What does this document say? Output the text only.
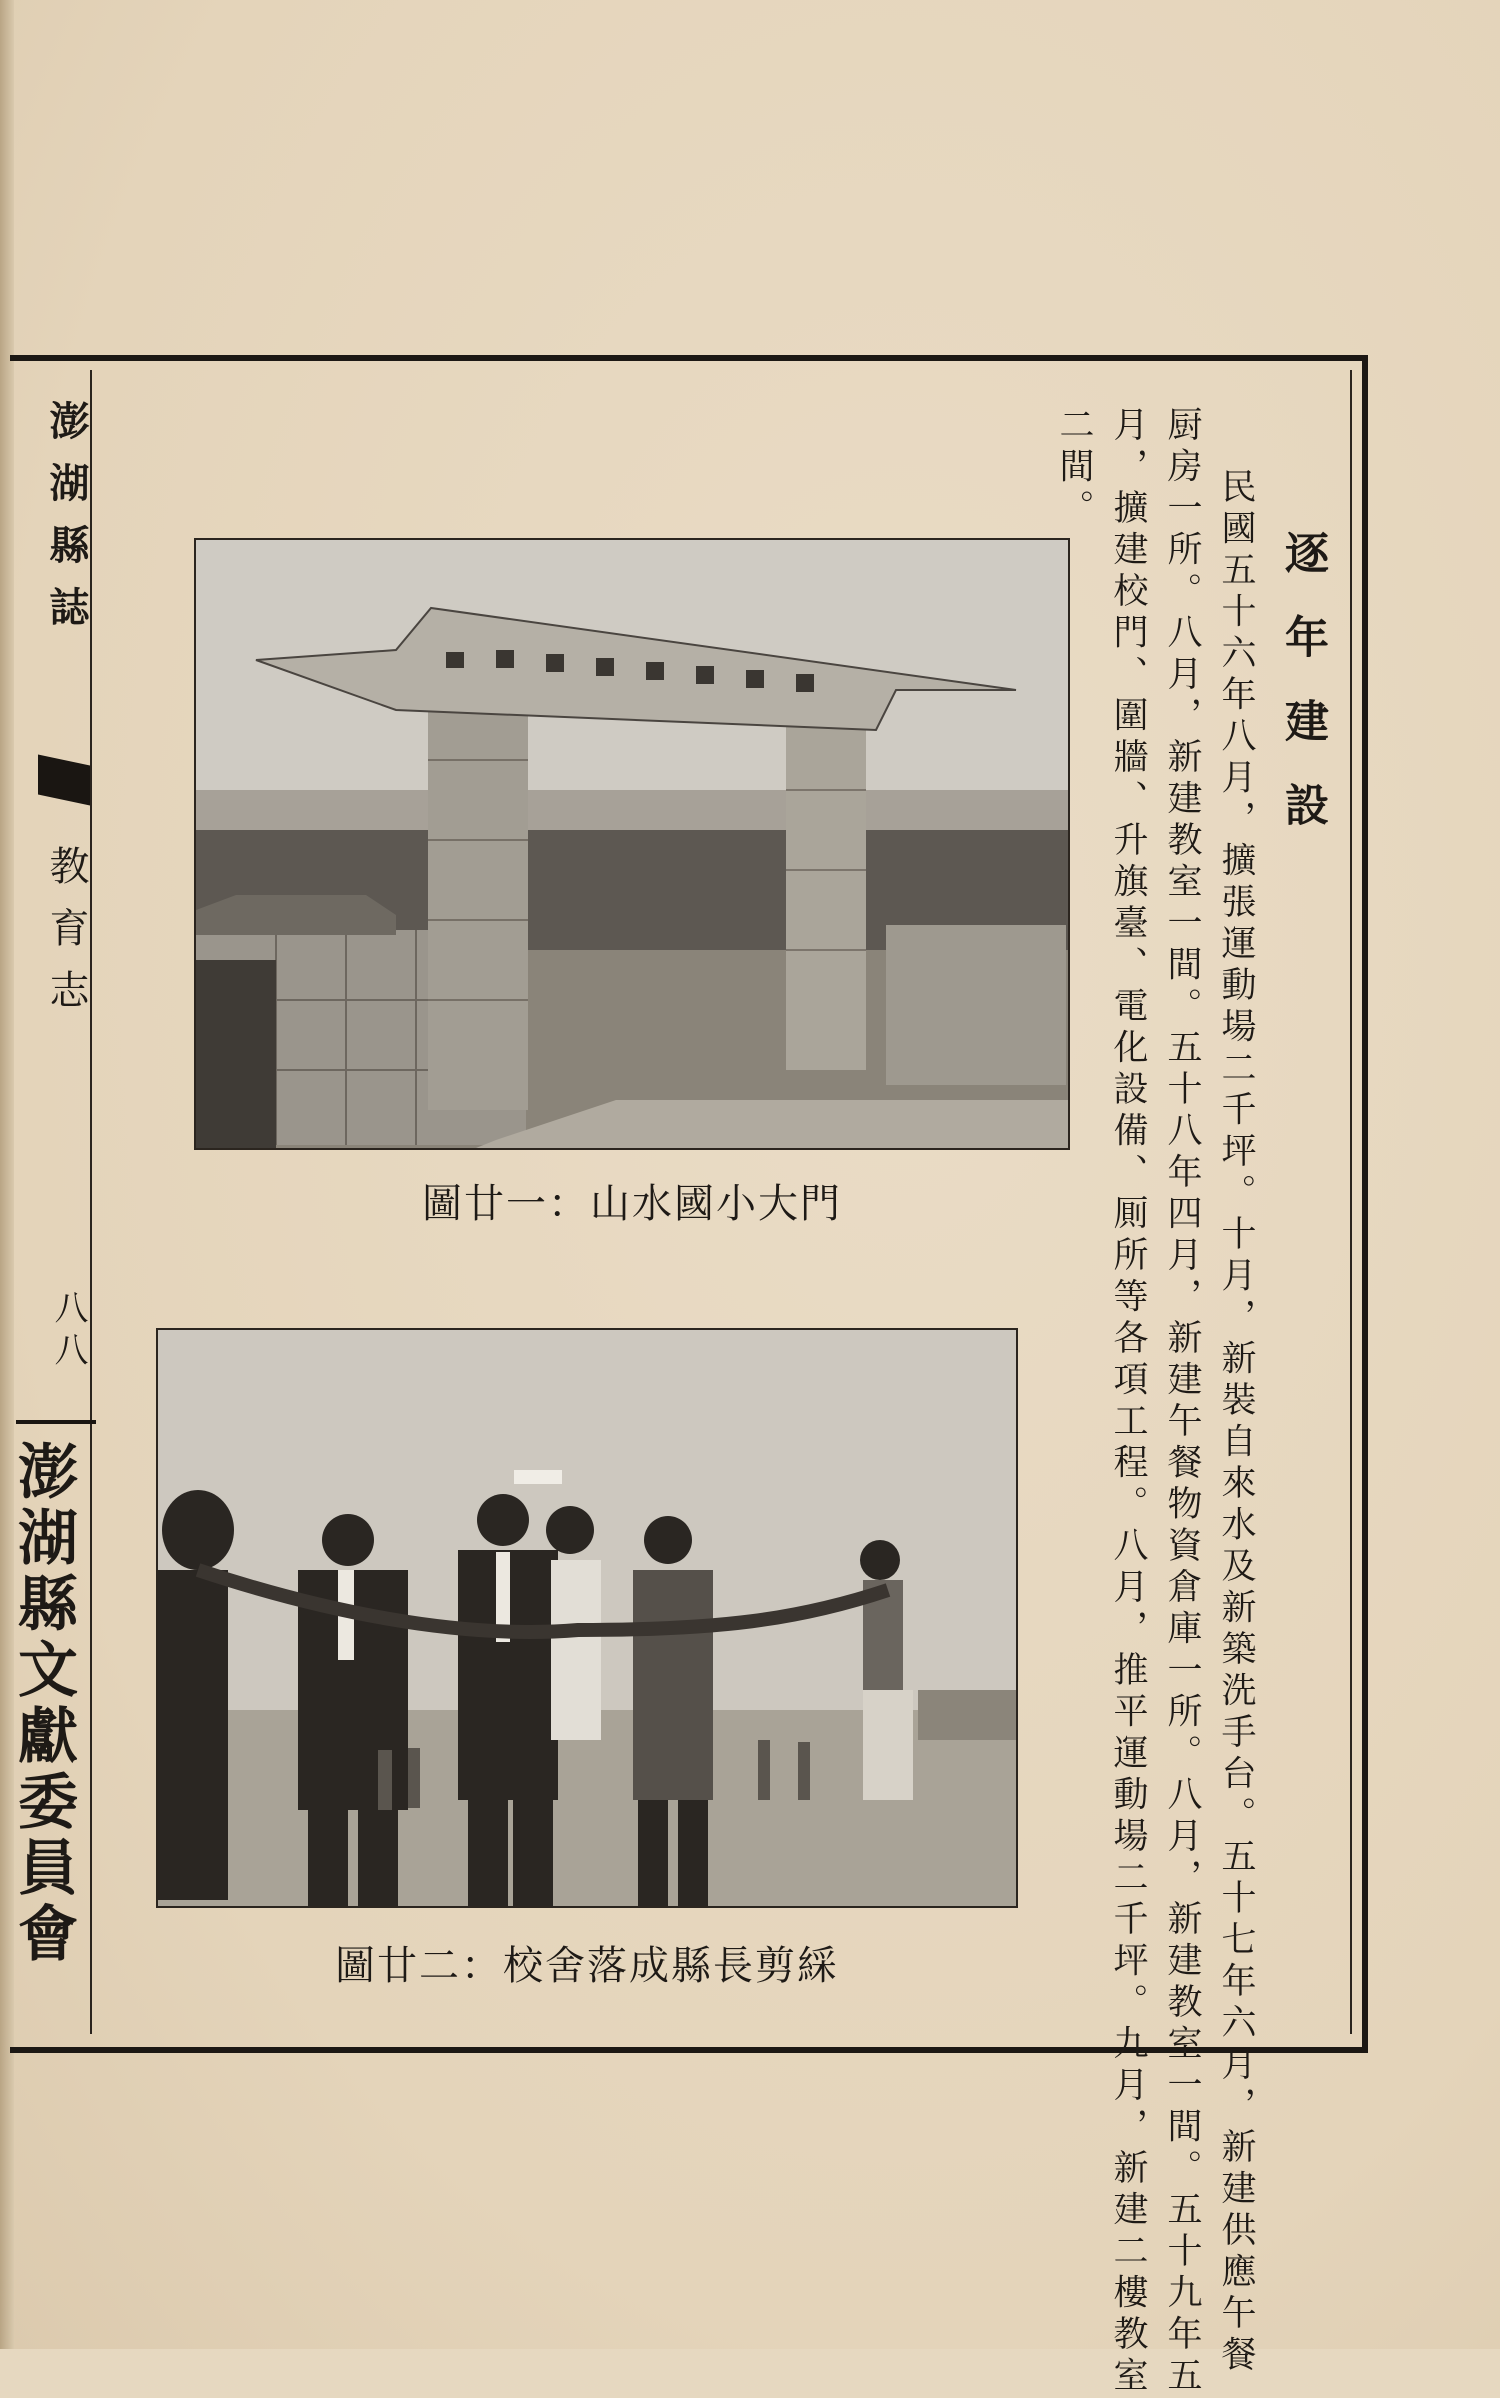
澎湖縣誌
教育志
八八
澎湖縣文獻委員會
逐年建設
民國五十六年八月，擴張運動場二千坪。十月，新裝自來水及新築洗手台。五十七年六月，新建供應午餐
厨房一所。八月，新建教室一間。五十八年四月，新建午餐物資倉庫一所。八月，新建教室一間。五十九年五
月，擴建校門、圍牆、升旗臺、電化設備、厠所等各項工程。八月，推平運動場二千坪。九月，新建二樓教室
二間。
圖廿一：山水國小大門
圖廿二：校舍落成縣長剪綵
